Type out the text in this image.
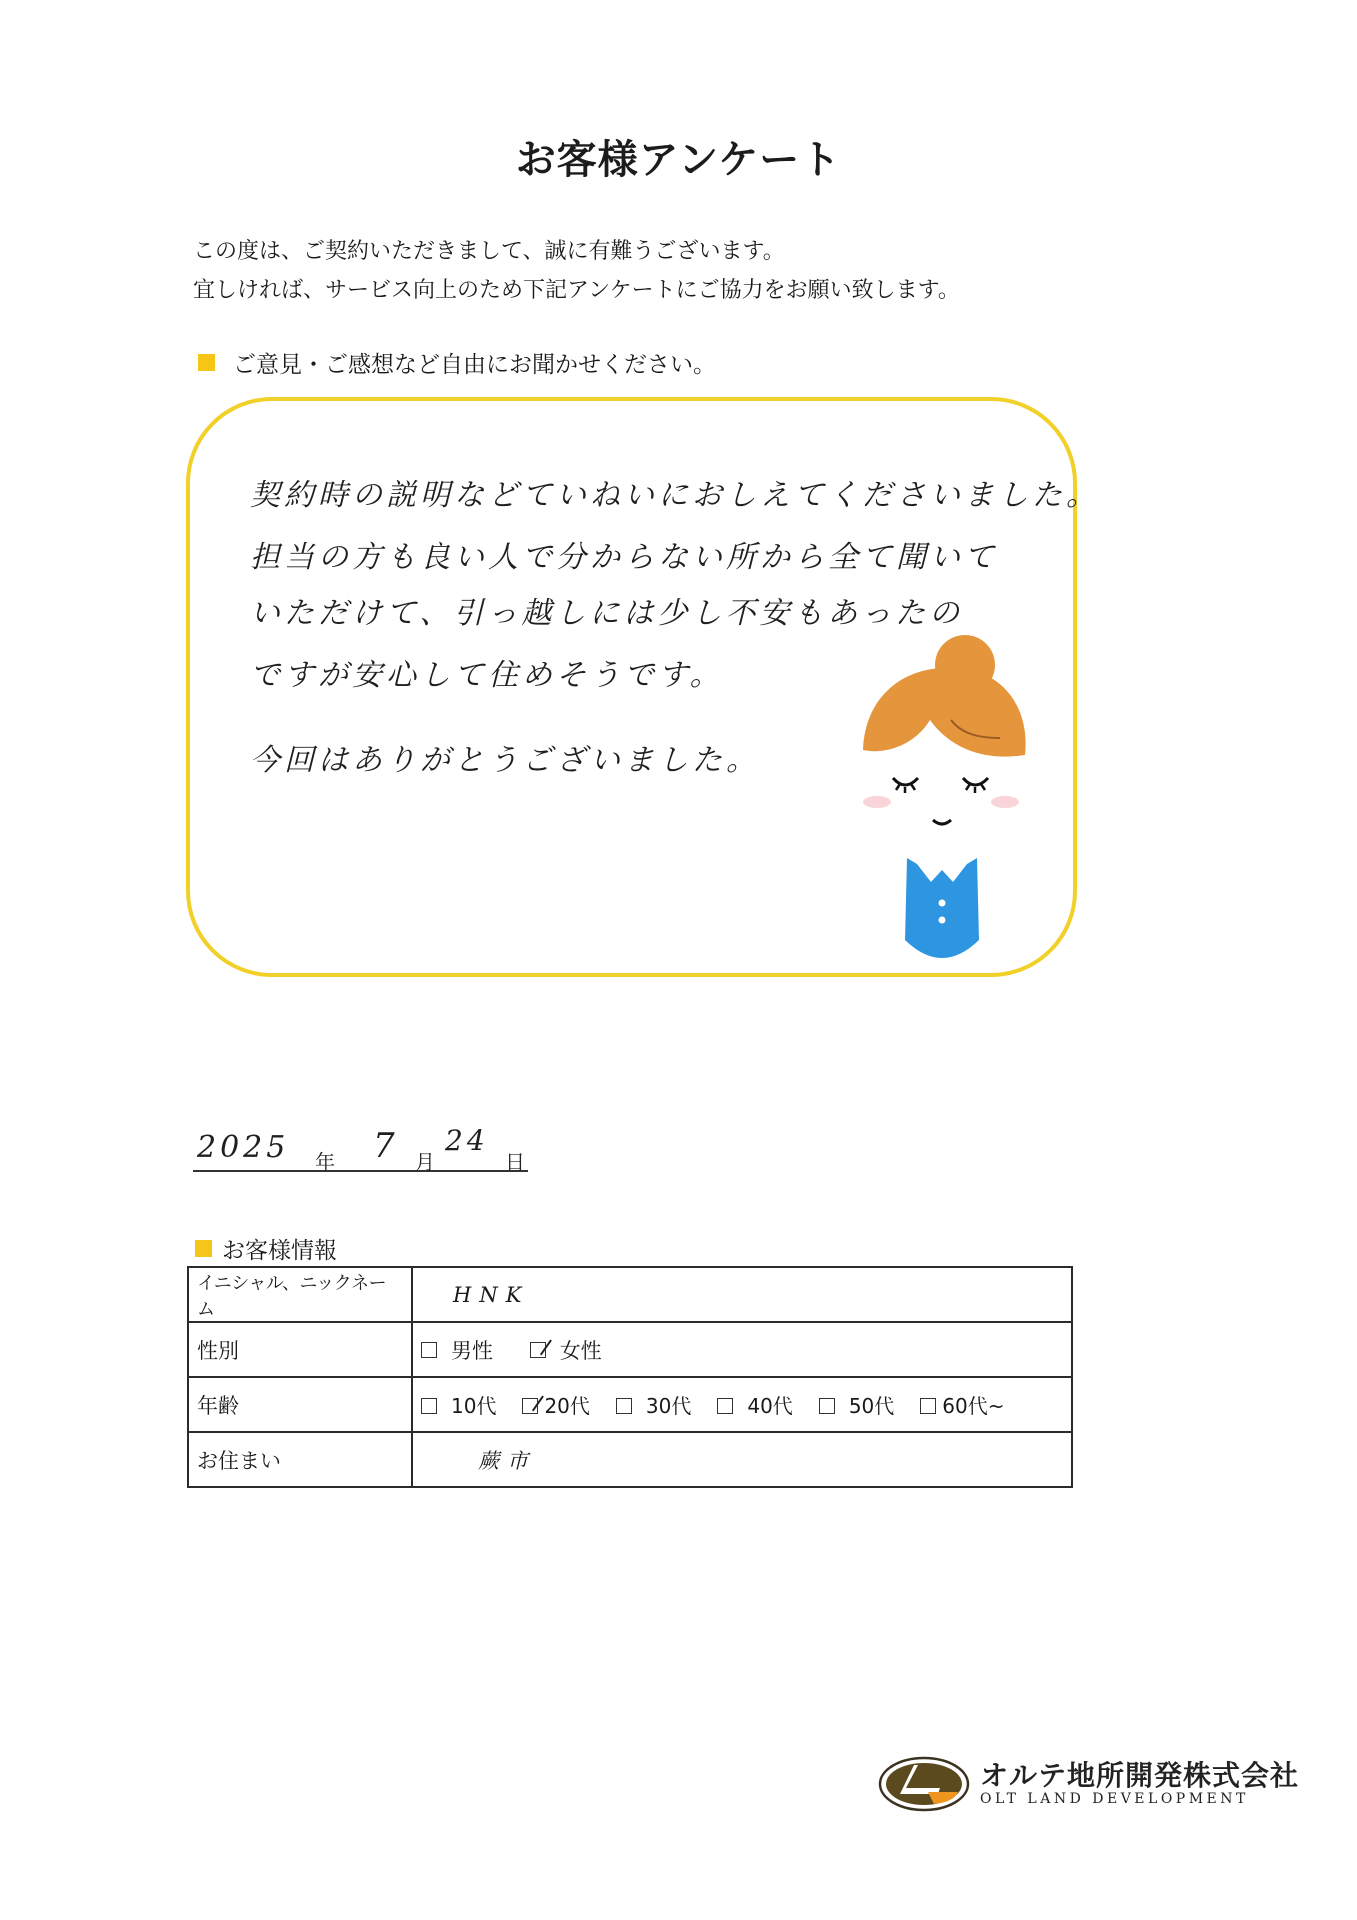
お客様アンケート
この度は、ご契約いただきまして、誠に有難うございます。
宜しければ、サービス向上のため下記アンケートにご協力をお願い致します。
ご意見・ご感想など自由にお聞かせください。
契約時の説明などていねいにおしえてくださいました。
担当の方も良い人で分からない所から全て聞いて
いただけて、引っ越しには少し不安もあったの
ですが安心して住めそうです。
今回はありがとうございました。
2025 年 7 月
24
日
お客様情報
イニシャル、ニックネーム	HNK
性別	男性 女性
年齢	10代 20代 30代 40代 50代 60代~
お住まい	蕨市
オルテ地所開発株式会社
OLT LAND DEVELOPMENT
